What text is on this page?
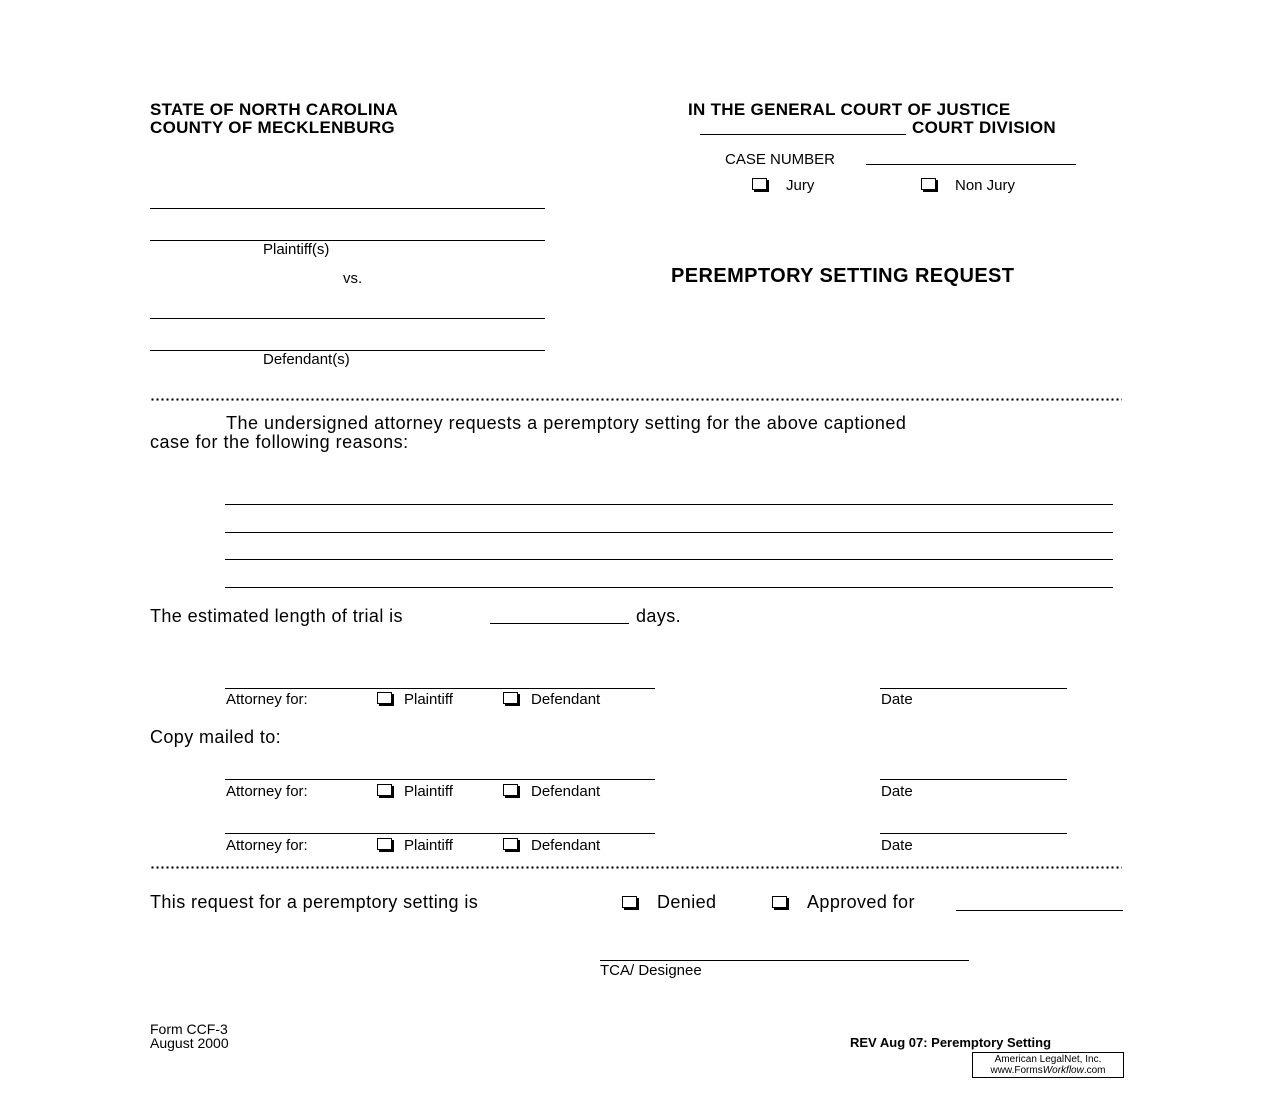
STATE OF NORTH CAROLINA
COUNTY OF MECKLENBURG
IN THE GENERAL COURT OF JUSTICE
COURT DIVISION
CASE NUMBER
Jury	Non Jury
Plaintiff(s)
vs.
Defendant(s)
PEREMPTORY SETTING REQUEST
The undersigned attorney requests a peremptory setting for the above captioned
case for the following reasons:
The estimated length of trial is	days.
Attorney for:	Plaintiff	Defendant	Date
Copy mailed to:
Attorney for:	Plaintiff	Defendant	Date
Attorney for:	Plaintiff	Defendant	Date
This request for a peremptory setting is	Denied	Approved for
TCA/ Designee
Form CCF-3
August 2000	REV Aug 07: Peremptory Setting
American LegalNet, Inc.
www.FormsWorkflow.com
